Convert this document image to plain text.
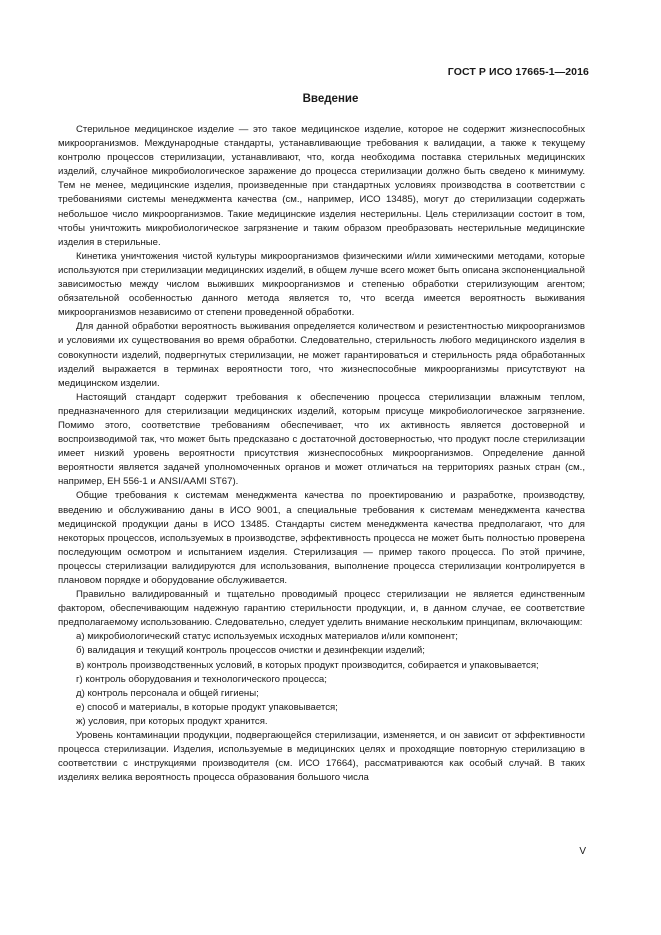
ГОСТ Р ИСО 17665-1—2016
Введение

Стерильное медицинское изделие — это такое медицинское изделие, которое не содержит жизнеспособных микроорганизмов. Международные стандарты, устанавливающие требования к валидации, а также к текущему контролю процессов стерилизации, устанавливают, что, когда необходима поставка стерильных медицинских изделий, случайное микробиологическое заражение до процесса стерилизации должно быть сведено к минимуму. Тем не менее, медицинские изделия, произведенные при стандартных условиях производства в соответствии с требованиями системы менеджмента качества (см., например, ИСО 13485), могут до стерилизации содержать небольшое число микроорганизмов. Такие медицинские изделия нестерильны. Цель стерилизации состоит в том, чтобы уничтожить микробиологическое загрязнение и таким образом преобразовать нестерильные медицинские изделия в стерильные.

Кинетика уничтожения чистой культуры микроорганизмов физическими и/или химическими методами, которые используются при стерилизации медицинских изделий, в общем лучше всего может быть описана экспоненциальной зависимостью между числом выживших микроорганизмов и степенью обработки стерилизующим агентом; обязательной особенностью данного метода является то, что всегда имеется вероятность выживания микроорганизмов независимо от степени проведенной обработки.

Для данной обработки вероятность выживания определяется количеством и резистентностью микроорганизмов и условиями их существования во время обработки. Следовательно, стерильность любого медицинского изделия в совокупности изделий, подвергнутых стерилизации, не может гарантироваться и стерильность ряда обработанных изделий выражается в терминах вероятности того, что жизнеспособные микроорганизмы присутствуют на медицинском изделии.

Настоящий стандарт содержит требования к обеспечению процесса стерилизации влажным теплом, предназначенного для стерилизации медицинских изделий, которым присуще микробиологическое загрязнение. Помимо этого, соответствие требованиям обеспечивает, что их активность является достоверной и воспроизводимой так, что может быть предсказано с достаточной достоверностью, что продукт после стерилизации имеет низкий уровень вероятности присутствия жизнеспособных микроорганизмов. Определение данной вероятности является задачей уполномоченных органов и может отличаться на территориях разных стран (см., например, ЕН 556-1 и ANSI/AAMI ST67).

Общие требования к системам менеджмента качества по проектированию и разработке, производству, введению и обслуживанию даны в ИСО 9001, а специальные требования к системам менеджмента качества медицинской продукции даны в ИСО 13485. Стандарты систем менеджмента качества предполагают, что для некоторых процессов, используемых в производстве, эффективность процесса не может быть полностью проверена последующим осмотром и испытанием изделия. Стерилизация — пример такого процесса. По этой причине, процессы стерилизации валидируются для использования, выполнение процесса стерилизации контролируется в плановом порядке и оборудование обслуживается.

Правильно валидированный и тщательно проводимый процесс стерилизации не является единственным фактором, обеспечивающим надежную гарантию стерильности продукции, и, в данном случае, ее соответствие предполагаемому использованию. Следовательно, следует уделить внимание нескольким принципам, включающим:

а) микробиологический статус используемых исходных материалов и/или компонент;

б) валидация и текущий контроль процессов очистки и дезинфекции изделий;

в) контроль производственных условий, в которых продукт производится, собирается и упаковывается;

г) контроль оборудования и технологического процесса;

д) контроль персонала и общей гигиены;

е) способ и материалы, в которые продукт упаковывается;

ж) условия, при которых продукт хранится.

Уровень контаминации продукции, подвергающейся стерилизации, изменяется, и он зависит от эффективности процесса стерилизации. Изделия, используемые в медицинских целях и проходящие повторную стерилизацию в соответствии с инструкциями производителя (см. ИСО 17664), рассматриваются как особый случай. В таких изделиях велика вероятность процесса образования большого числа

V
